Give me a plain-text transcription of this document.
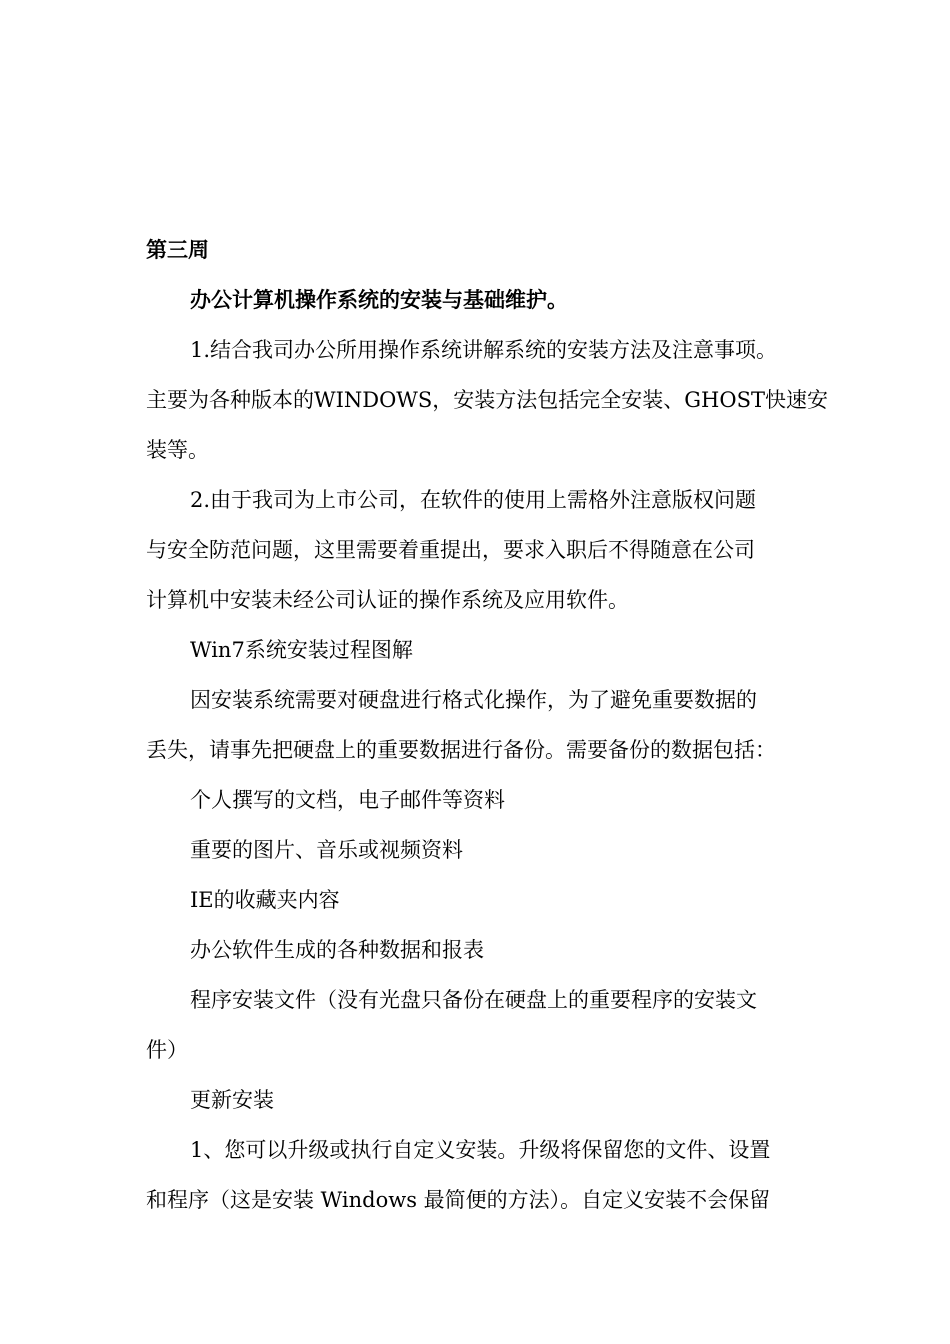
第三周
办公计算机操作系统的安装与基础维护。
1.结合我司办公所用操作系统讲解系统的安装方法及注意事项。
主要为各种版本的WINDOWS，安装方法包括完全安装、GHOST快速安
装等。
2.由于我司为上市公司，在软件的使用上需格外注意版权问题
与安全防范问题，这里需要着重提出，要求入职后不得随意在公司
计算机中安装未经公司认证的操作系统及应用软件。
Win7系统安装过程图解
因安装系统需要对硬盘进行格式化操作，为了避免重要数据的
丢失，请事先把硬盘上的重要数据进行备份。需要备份的数据包括：
个人撰写的文档，电子邮件等资料
重要的图片、音乐或视频资料
IE的收藏夹内容
办公软件生成的各种数据和报表
程序安装文件（没有光盘只备份在硬盘上的重要程序的安装文
件）
更新安装
1、您可以升级或执行自定义安装。升级将保留您的文件、设置
和程序（这是安装 Windows 最简便的方法）。自定义安装不会保留
